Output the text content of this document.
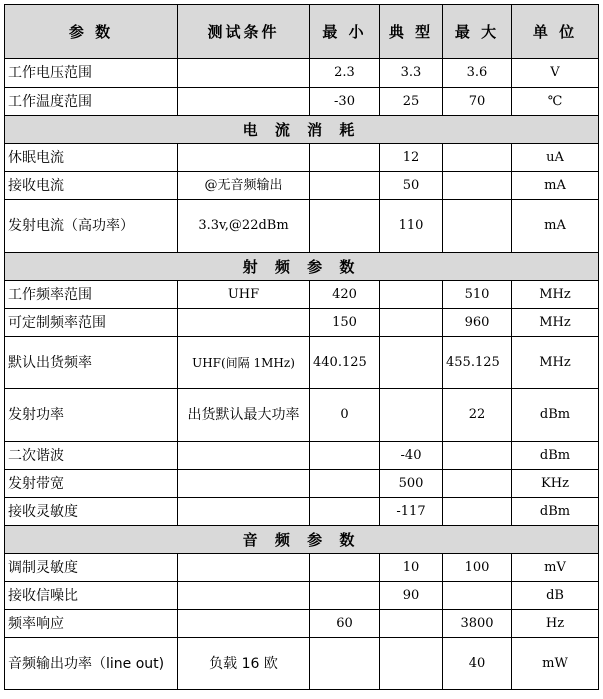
参 数	测试条件	最 小	典 型	最 大	单 位
工作电压范围		2.3	3.3	3.6	V
工作温度范围		-30	25	70	℃
电 流 消 耗					
休眠电流			12		uA
接收电流	@无音频输出		50		mA
发射电流（高功率）	3.3v,@22dBm		110		mA
射 频 参 数					
工作频率范围	UHF	420		510	MHz
可定制频率范围		150		960	MHz
默认出货频率	UHF(间隔 1MHz)	440.125		455.125	MHz
发射功率	出货默认最大功率	0		22	dBm
二次谐波			-40		dBm
发射带宽			500		KHz
接收灵敏度			-117		dBm
音 频 参 数					
调制灵敏度			10	100	mV
接收信噪比			90		dB
频率响应		60		3800	Hz
音频输出功率（line out)	负载 16 欧			40	mW
